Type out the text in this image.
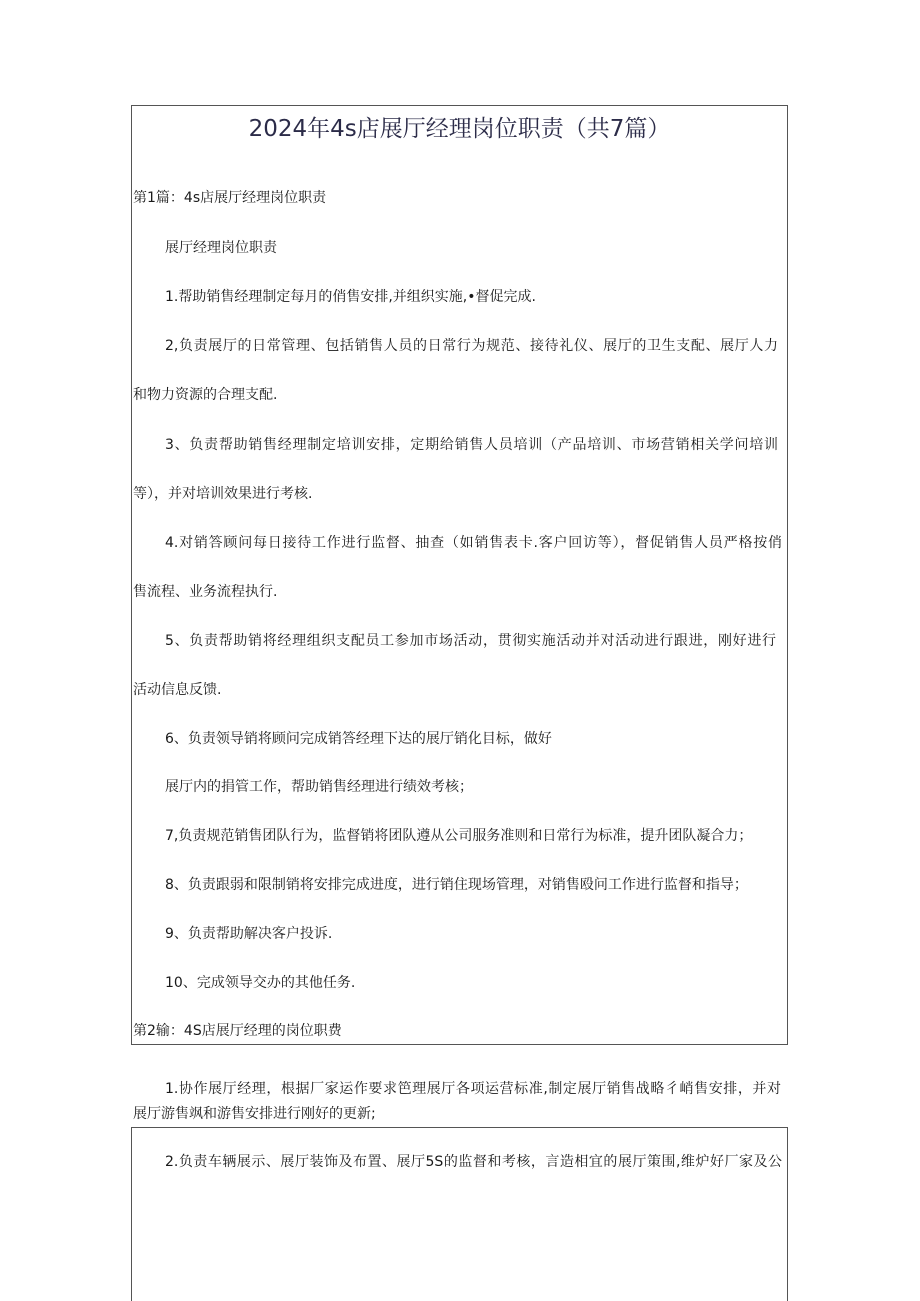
2024年4s店展厅经理岗位职责（共7篇）
第1篇：4s店展厅经理岗位职责
展厅经理岗位职责
1.帮助销售经理制定每月的俏售安排,并组织实施,•督促完成.
2,负责展厅的日常管理、包括销售人员的日常行为规范、接待礼仪、展厅的卫生支配、展厅人力
和物力资源的合理支配.
3、负责帮助销售经理制定培训安排，定期给销售人员培训（产品培训、市场营销相关学问培训
等），并对培训效果进行考核.
4.对销答顾问每日接待工作进行监督、抽查（如销售表卡.客户回访等），督促销售人员严格按俏
售流程、业务流程执行.
5、负责帮助销将经理组织支配员工参加市场活动，贯彻实施活动并对活动进行跟进，刚好进行
活动信息反馈.
6、负责领导销将顾问完成销答经理下达的展厅销化目标，做好
展厅内的捐管工作，帮助销售经理进行绩效考核；
7,负责规范销售团队行为，监督销将团队遵从公司服务准则和日常行为标准，提升团队凝合力；
8、负责跟弱和限制销将安排完成进度，进行销住现场管理，对销售殴问工作进行监督和指导；
9、负责帮助解决客户投诉.
10、完成领导交办的其他任务.
第2输：4S店展厅经理的岗位职费
1.协作展厅经理，根据厂家运作要求笆理展厅各项运营标准,制定展厅销售战略彳峭售安排，并对
展厅游售飒和游售安排进行刚好的更新;
2.负责车辆展示、展厅装饰及布置、展厅5S的监督和考核，言造相宜的展厅策围,维炉好厂家及公
